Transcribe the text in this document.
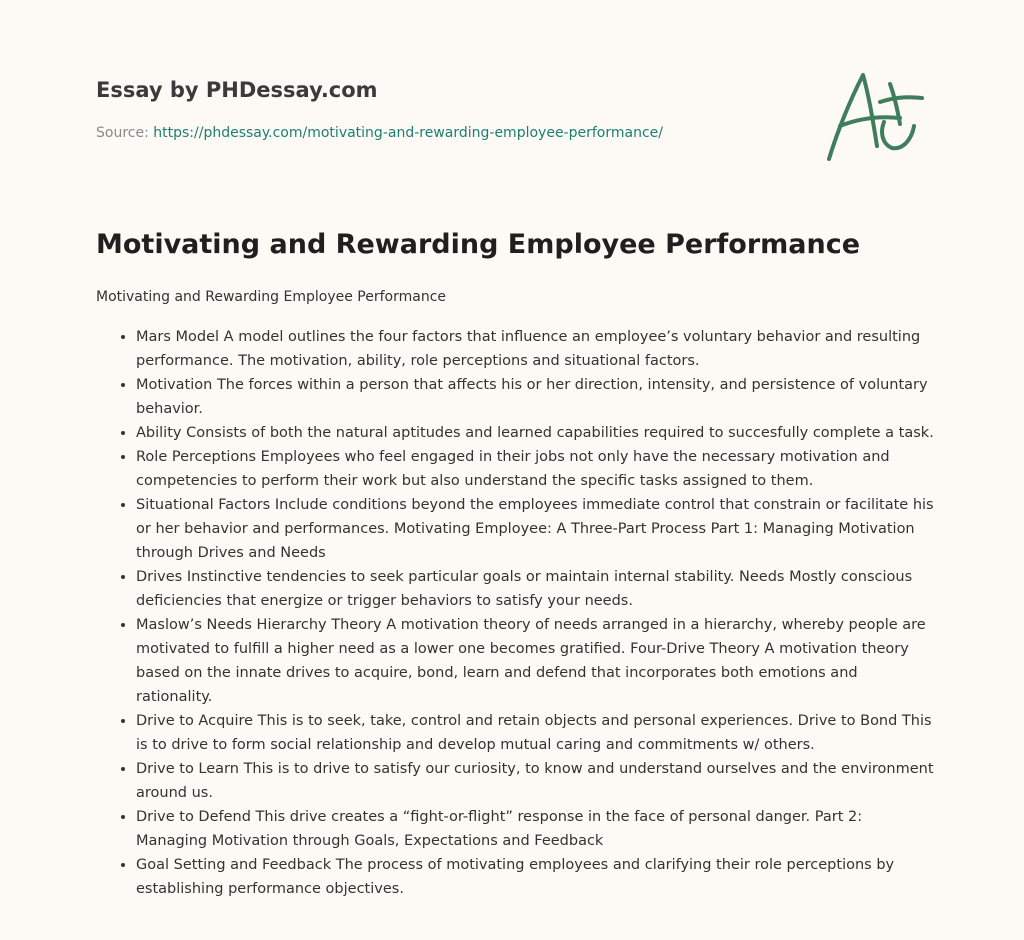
Essay by PHDessay.com
Source: https://phdessay.com/motivating-and-rewarding-employee-performance/
Motivating and Rewarding Employee Performance

Motivating and Rewarding Employee Performance

• Mars Model A model outlines the four factors that influence an employee’s voluntary behavior and resulting performance. The motivation, ability, role perceptions and situational factors.
• Motivation The forces within a person that affects his or her direction, intensity, and persistence of voluntary behavior.
• Ability Consists of both the natural aptitudes and learned capabilities required to succesfully complete a task.
• Role Perceptions Employees who feel engaged in their jobs not only have the necessary motivation and competencies to perform their work but also understand the specific tasks assigned to them.
• Situational Factors Include conditions beyond the employees immediate control that constrain or facilitate his or her behavior and performances. Motivating Employee: A Three-Part Process Part 1: Managing Motivation through Drives and Needs
• Drives Instinctive tendencies to seek particular goals or maintain internal stability. Needs Mostly conscious deficiencies that energize or trigger behaviors to satisfy your needs.
• Maslow’s Needs Hierarchy Theory A motivation theory of needs arranged in a hierarchy, whereby people are motivated to fulfill a higher need as a lower one becomes gratified. Four-Drive Theory A motivation theory based on the innate drives to acquire, bond, learn and defend that incorporates both emotions and rationality.
• Drive to Acquire This is to seek, take, control and retain objects and personal experiences. Drive to Bond This is to drive to form social relationship and develop mutual caring and commitments w/ others.
• Drive to Learn This is to drive to satisfy our curiosity, to know and understand ourselves and the environment around us.
• Drive to Defend This drive creates a “fight-or-flight” response in the face of personal danger. Part 2: Managing Motivation through Goals, Expectations and Feedback
• Goal Setting and Feedback The process of motivating employees and clarifying their role perceptions by establishing performance objectives.
